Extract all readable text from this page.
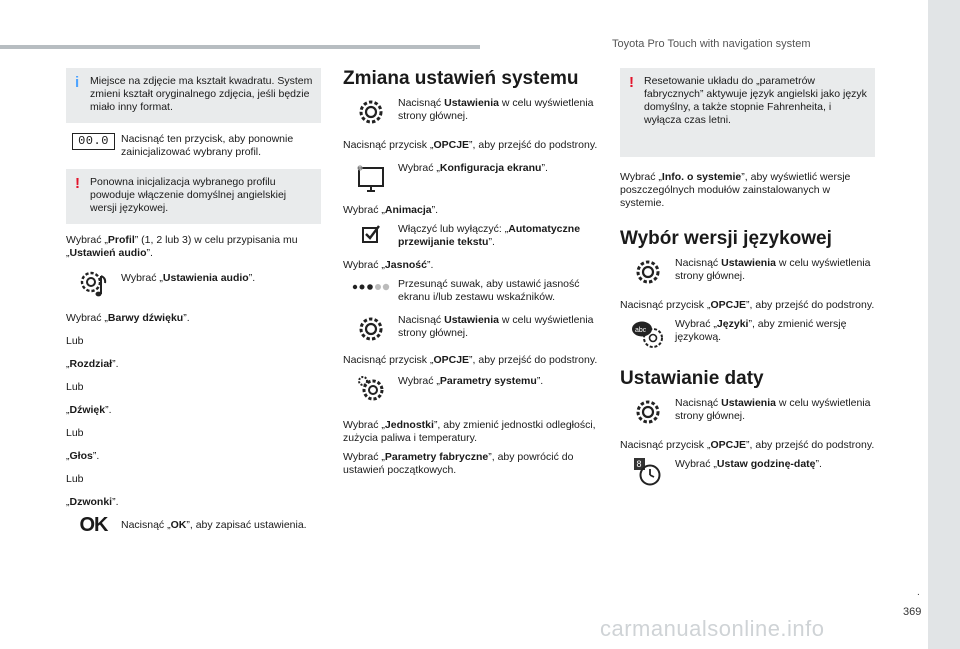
Toyota Pro Touch with navigation system
.
369
carmanualsonline.info
i Miejsce na zdjęcie ma kształt kwadratu. System zmieni kształt oryginalnego zdjęcia, jeśli będzie miało inny format.
00.0	Nacisnąć ten przycisk, aby ponownie zainicjalizować wybrany profil.
! Ponowna inicjalizacja wybranego profilu powoduje włączenie domyślnej angielskiej wersji językowej.
Wybrać „Profil” (1, 2 lub 3) w celu przypisania mu „Ustawień audio”.
Wybrać „Ustawienia audio”.
Wybrać „Barwy dźwięku”.
Lub
„Rozdział”.
Lub
„Dźwięk”.
Lub
„Głos”.
Lub
„Dzwonki”.
OK Nacisnąć „OK”, aby zapisać ustawienia.
Zmiana ustawień systemu
Nacisnąć Ustawienia w celu wyświetlenia strony głównej.
Nacisnąć przycisk „OPCJE”, aby przejść do podstrony.
Wybrać „Konfiguracja ekranu”.
Wybrać „Animacja”.
Włączyć lub wyłączyć: „Automatyczne przewijanie tekstu”.
Wybrać „Jasność”.
Przesunąć suwak, aby ustawić jasność ekranu i/lub zestawu wskaźników.
Nacisnąć Ustawienia w celu wyświetlenia strony głównej.
Nacisnąć przycisk „OPCJE”, aby przejść do podstrony.
Wybrać „Parametry systemu”.
Wybrać „Jednostki”, aby zmienić jednostki odległości, zużycia paliwa i temperatury.
Wybrać „Parametry fabryczne”, aby powrócić do ustawień początkowych.
! Resetowanie układu do „parametrów fabrycznych” aktywuje język angielski jako język domyślny, a także stopnie Fahrenheita, i wyłącza czas letni.
Wybrać „Info. o systemie”, aby wyświetlić wersje poszczególnych modułów zainstalowanych w systemie.
Wybór wersji językowej
Nacisnąć Ustawienia w celu wyświetlenia strony głównej.
Nacisnąć przycisk „OPCJE”, aby przejść do podstrony.
abc
Wybrać „Języki”, aby zmienić wersję językową.
Ustawianie daty
Nacisnąć Ustawienia w celu wyświetlenia strony głównej.
Nacisnąć przycisk „OPCJE”, aby przejść do podstrony.
8	Wybrać „Ustaw godzinę-datę”.
